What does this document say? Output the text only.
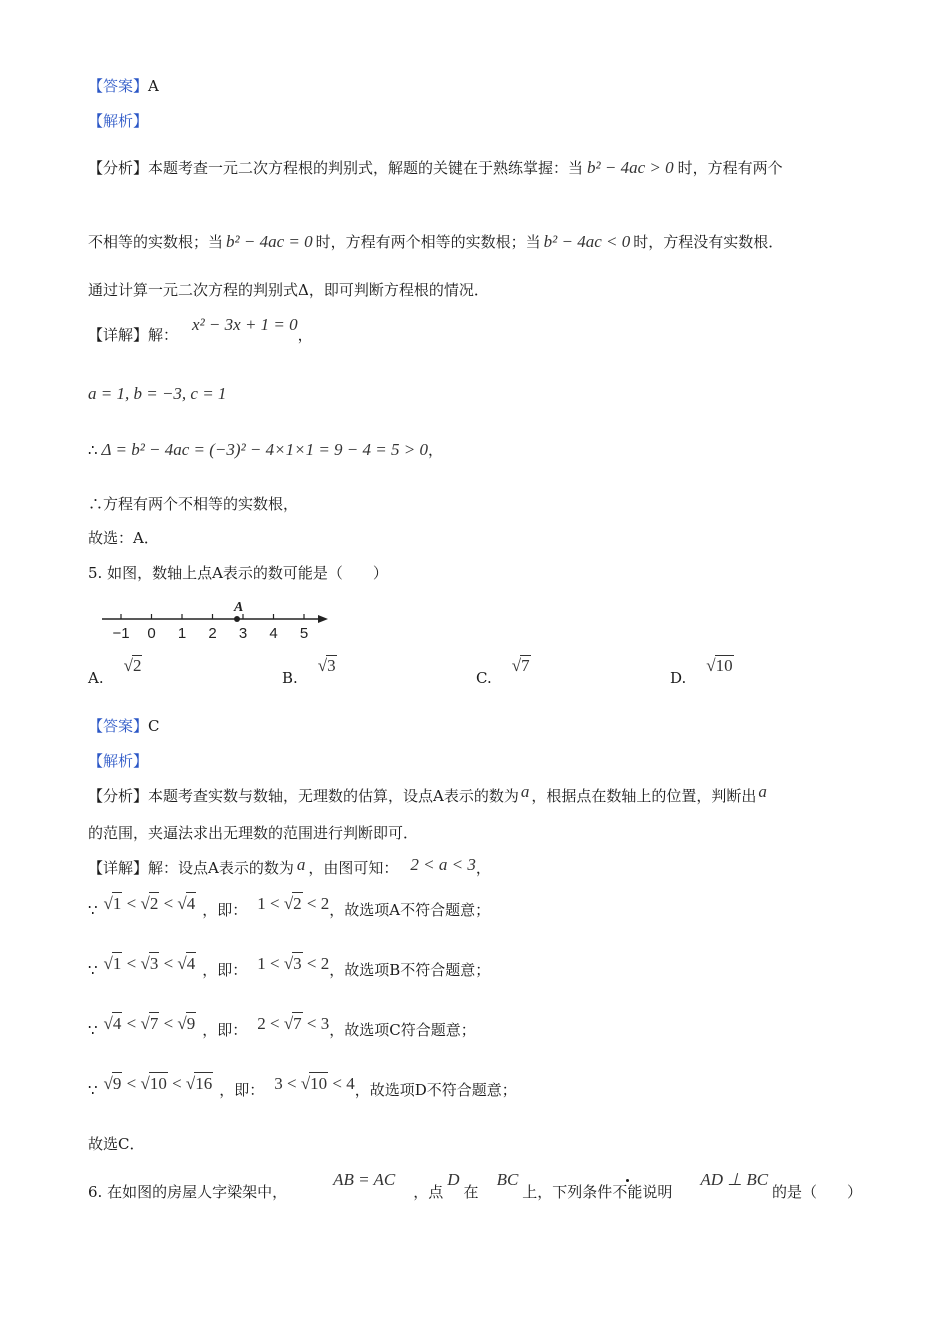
【答案】A
【解析】
【分析】本题考查一元二次方程根的判别式，解题的关键在于熟练掌握：当 b² − 4ac > 0 时，方程有两个
不相等的实数根；当 b² − 4ac = 0 时，方程有两个相等的实数根；当 b² − 4ac < 0 时，方程没有实数根．
通过计算一元二次方程的判别式Δ，即可判断方程根的情况．
【详解】解：x² − 3x + 1 = 0，
a = 1, b = −3, c = 1
∴ Δ = b² − 4ac = (−3)² − 4×1×1 = 9 − 4 = 5 > 0，
∴方程有两个不相等的实数根，
故选：A．
5. 如图，数轴上点A表示的数可能是（　　）
−1 0 1 2 3 4 5
A
A.√2
B.√3
C.√7
D.√10
【答案】C
【解析】
【分析】本题考查实数与数轴，无理数的估算，设点A表示的数为 a ，根据点在数轴上的位置，判断出 a
的范围，夹逼法求出无理数的范围进行判断即可．
【详解】解：设点A表示的数为 a ，由图可知： 2 < a < 3，
∵ √1 < √2 < √4 ，即： 1 < √2 < 2，故选项A不符合题意；
∵ √1 < √3 < √4 ，即： 1 < √3 < 2，故选项B不符合题意；
∵ √4 < √7 < √9 ，即： 2 < √7 < 3，故选项C符合题意；
∵ √9 < √10 < √16 ，即： 3 < √10 < 4，故选项D不符合题意；
故选C．
6. 在如图的房屋人字梁架中，AB = AC，点D在BC上，下列条件不能说明AD ⊥ BC的是（　　）
